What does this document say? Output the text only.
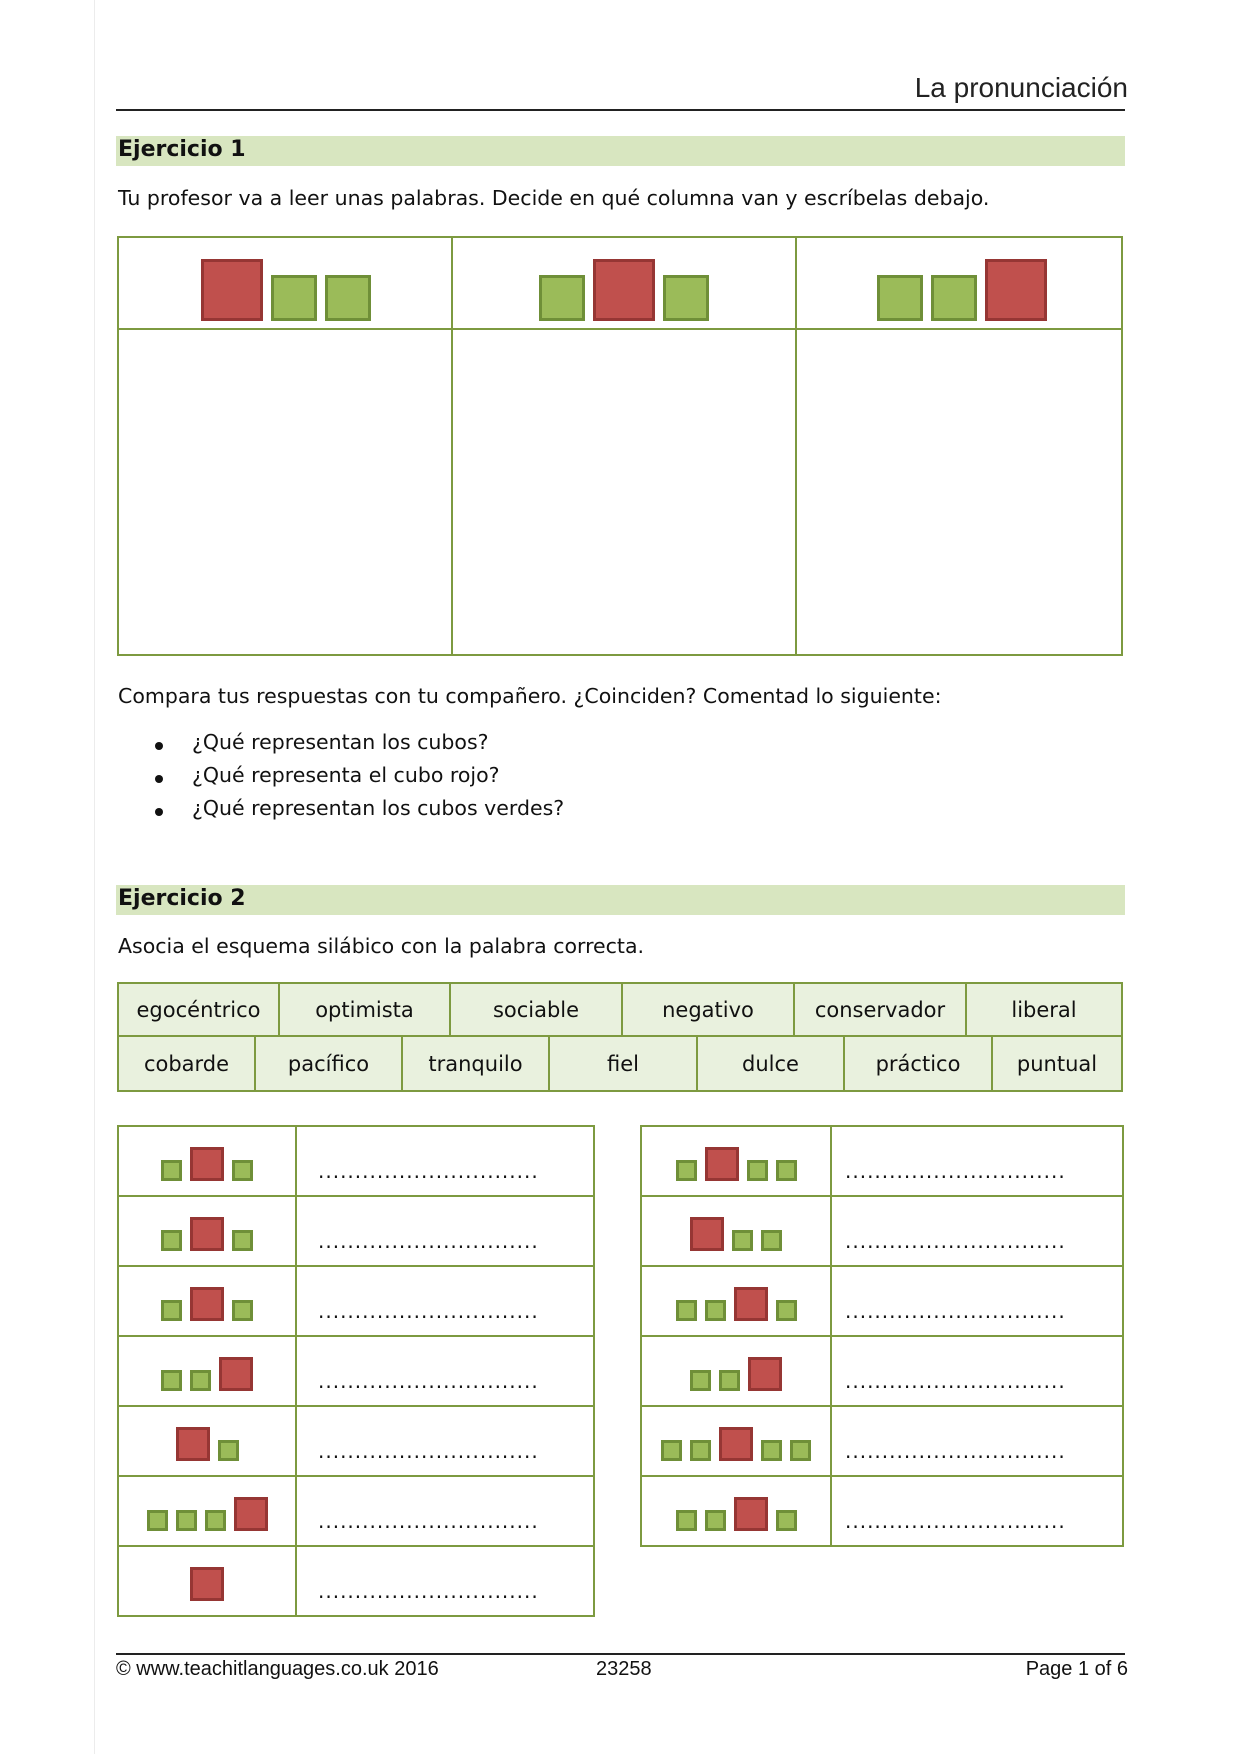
La pronunciación
Ejercicio 1
Tu profesor va a leer unas palabras. Decide en qué columna van y escríbelas debajo.
Compara tus respuestas con tu compañero. ¿Coinciden? Comentad lo siguiente:
¿Qué representan los cubos?
¿Qué representa el cubo rojo?
¿Qué representan los cubos verdes?
Ejercicio 2
Asocia el esquema silábico con la palabra correcta.
egocéntrico	optimista	sociable	negativo	conservador	liberal
cobarde	pacífico	tranquilo	fiel	dulce	práctico	puntual
..............................
..............................
..............................
..............................
..............................
..............................
..............................
..............................
..............................
..............................
..............................
..............................
..............................
© www.teachitlanguages.co.uk 2016	23258	Page 1 of 6
